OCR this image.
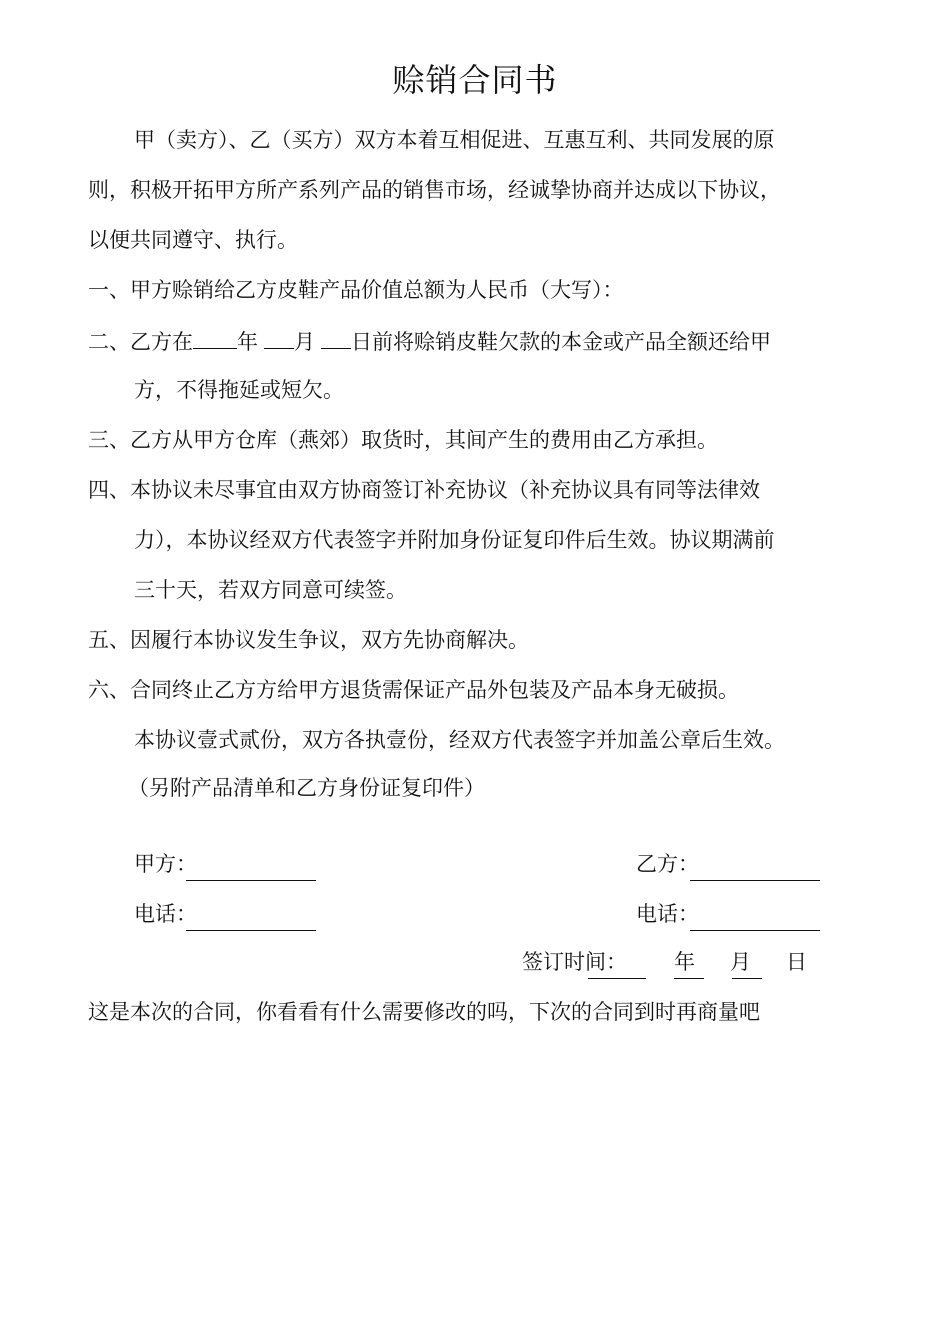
赊销合同书
甲（卖方）、乙（买方）双方本着互相促进、互惠互利、共同发展的原
则，积极开拓甲方所产系列产品的销售市场，经诚挚协商并达成以下协议，
以便共同遵守、执行。
一、甲方赊销给乙方皮鞋产品价值总额为人民币（大写）：
二、乙方在 年 月 日前将赊销皮鞋欠款的本金或产品全额还给甲
方，不得拖延或短欠。
三、乙方从甲方仓库（燕郊）取货时，其间产生的费用由乙方承担。
四、本协议未尽事宜由双方协商签订补充协议（补充协议具有同等法律效
力），本协议经双方代表签字并附加身份证复印件后生效。协议期满前
三十天，若双方同意可续签。
五、因履行本协议发生争议，双方先协商解决。
六、合同终止乙方方给甲方退货需保证产品外包装及产品本身无破损。
本协议壹式贰份，双方各执壹份，经双方代表签字并加盖公章后生效。
（另附产品清单和乙方身份证复印件）
甲方：	乙方：
电话：	电话：
签订时间： 年 月 日
这是本次的合同，你看看有什么需要修改的吗，下次的合同到时再商量吧
